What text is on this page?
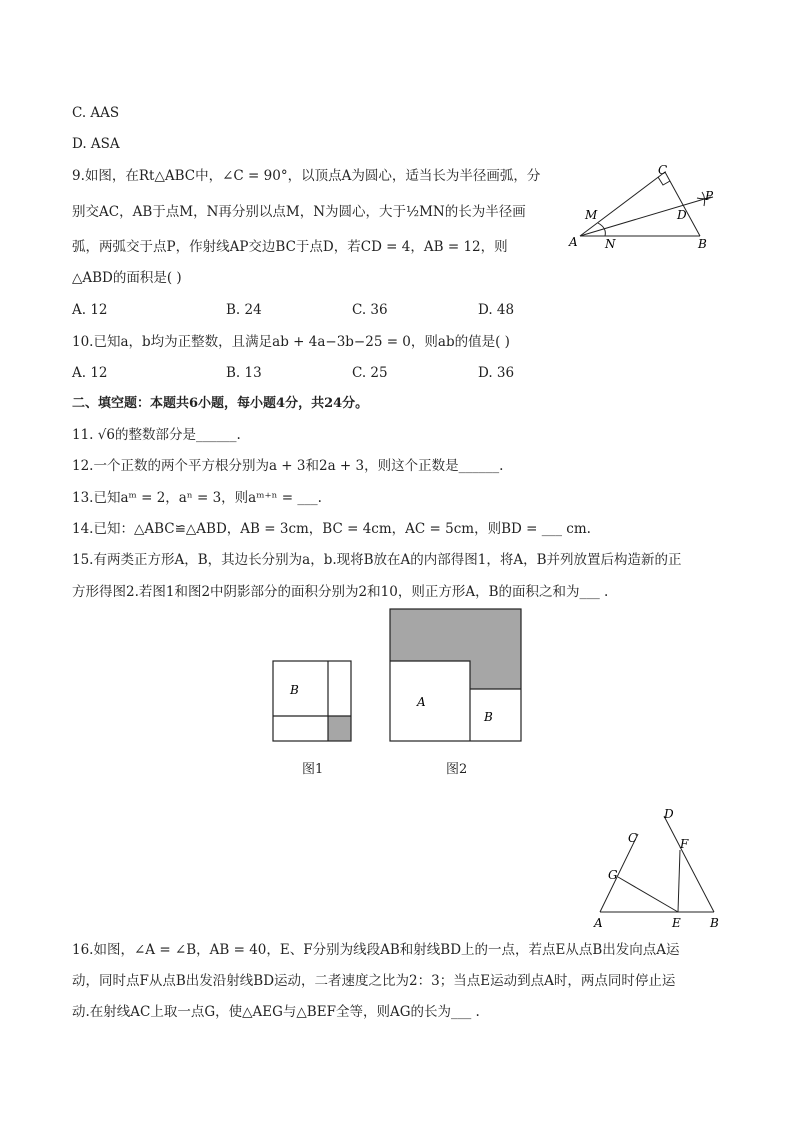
C. AAS
D. ASA
9.如图，在Rt△ABC中，∠C = 90°，以顶点A为圆心，适当长为半径画弧，分
别交AC，AB于点M，N再分别以点M，N为圆心，大于½MN的长为半径画
弧，两弧交于点P，作射线AP交边BC于点D，若CD = 4，AB = 12，则
△ABD的面积是( )
A. 12	B. 24	C. 36	D. 48
C
P
M	D
A N	B
10.已知a，b均为正整数，且满足ab + 4a−3b−25 = 0，则ab的值是( )
A. 12	B. 13	C. 25	D. 36
二、填空题：本题共6小题，每小题4分，共24分。
11. √6的整数部分是______.
12.一个正数的两个平方根分别为a + 3和2a + 3，则这个正数是______.
13.已知aᵐ = 2，aⁿ = 3，则aᵐ⁺ⁿ = ___.
14.已知：△ABC≌△ABD，AB = 3cm，BC = 4cm，AC = 5cm，则BD = ___ cm.
15.有两类正方形A，B，其边长分别为a，b.现将B放在A的内部得图1，将A，B并列放置后构造新的正
方形得图2.若图1和图2中阴影部分的面积分别为2和10，则正方形A，B的面积之和为___ .
B
图1
A
B
图2
D
C	F
G
A	E B
16.如图，∠A = ∠B，AB = 40，E、F分别为线段AB和射线BD上的一点，若点E从点B出发向点A运
动，同时点F从点B出发沿射线BD运动，二者速度之比为2：3；当点E运动到点A时，两点同时停止运
动.在射线AC上取一点G，使△AEG与△BEF全等，则AG的长为___ .
